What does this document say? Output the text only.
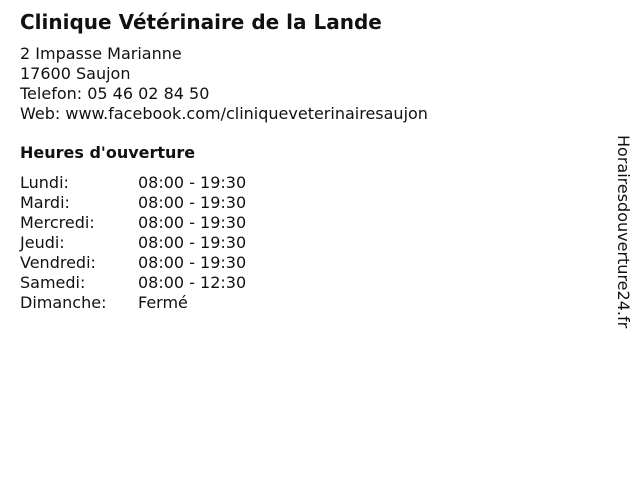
Clinique Vétérinaire de la Lande
2 Impasse Marianne
17600 Saujon
Telefon: 05 46 02 84 50
Web: www.facebook.com/cliniqueveterinairesaujon
Heures d'ouverture
Lundi:	08:00 - 19:30
Mardi:	08:00 - 19:30
Mercredi:	08:00 - 19:30
Jeudi:	08:00 - 19:30
Vendredi:	08:00 - 19:30
Samedi:	08:00 - 12:30
Dimanche:	Fermé	Horairesdouverture24.fr
